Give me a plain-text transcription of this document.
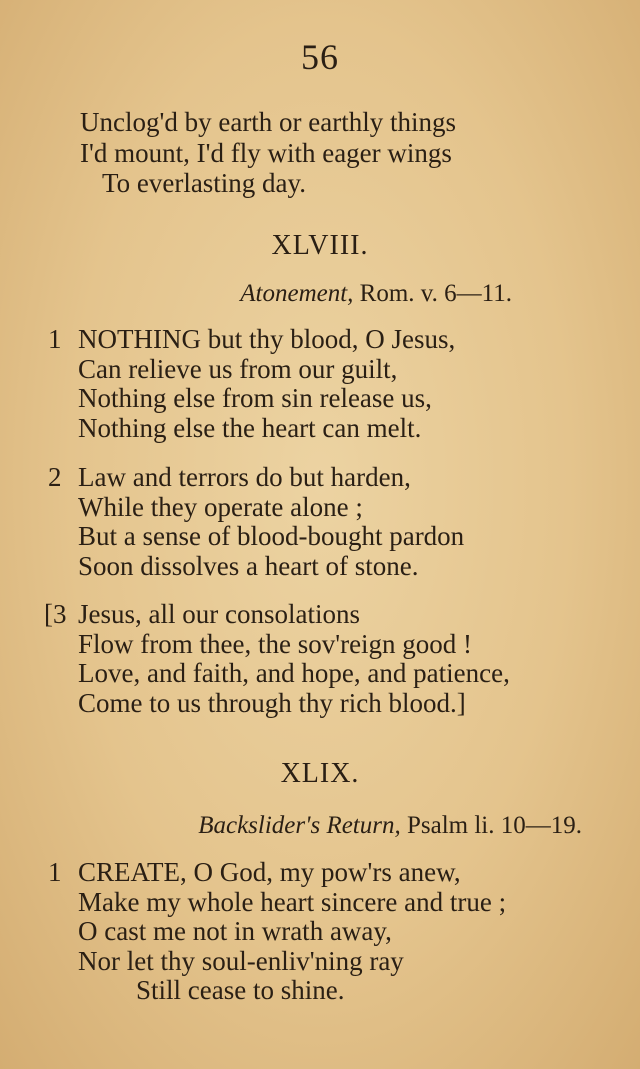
56
Unclog'd by earth or earthly things
I'd mount, I'd fly with eager wings
To everlasting day.
XLVIII.
Atonement, Rom. v. 6—11.
1 NOTHING but thy blood, O Jesus,
Can relieve us from our guilt,
Nothing else from sin release us,
Nothing else the heart can melt.
2 Law and terrors do but harden,
While they operate alone ;
But a sense of blood-bought pardon
Soon dissolves a heart of stone.
[3 Jesus, all our consolations
Flow from thee, the sov'reign good !
Love, and faith, and hope, and patience,
Come to us through thy rich blood.]
XLIX.
Backslider's Return, Psalm li. 10—19.
1 CREATE, O God, my pow'rs anew,
Make my whole heart sincere and true ;
O cast me not in wrath away,
Nor let thy soul-enliv'ning ray
Still cease to shine.
